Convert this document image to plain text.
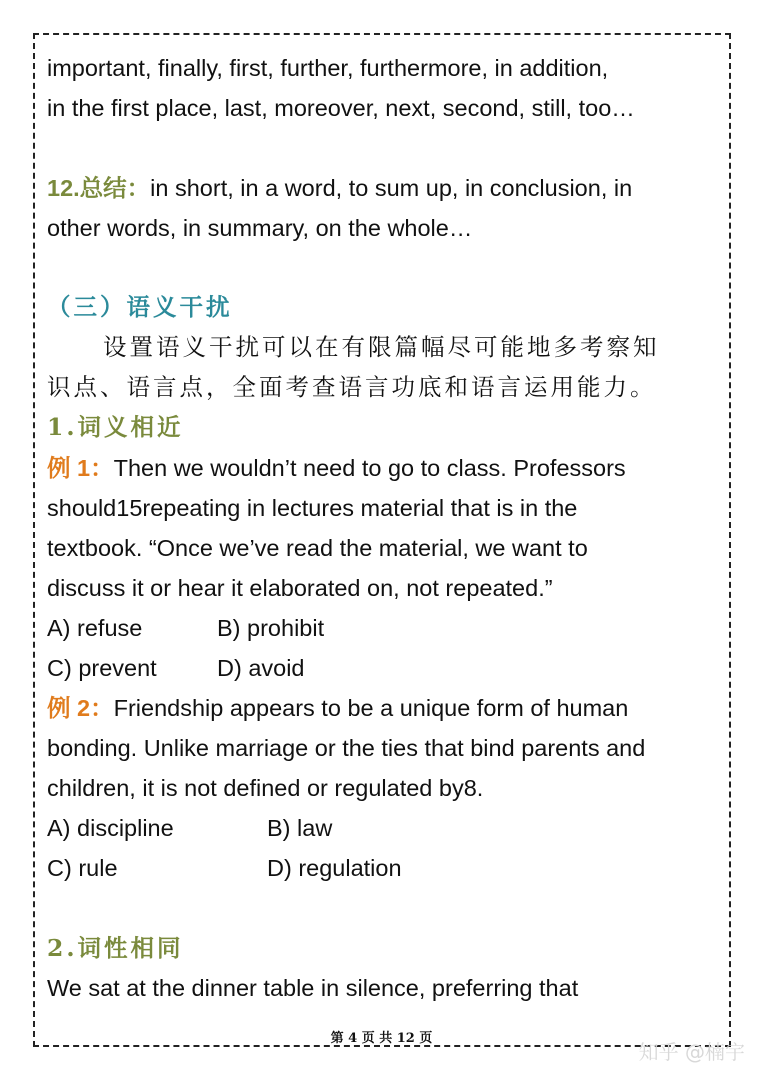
important, finally, first, further, furthermore, in addition,

in the first place, last, moreover, next, second, still, too…

12.总结：in short, in a word, to sum up, in conclusion, in

other words, in summary, on the whole…

（三）语义干扰

设置语义干扰可以在有限篇幅尽可能地多考察知

识点、语言点，全面考查语言功底和语言运用能力。

1.词义相近

例 1：Then we wouldn’t need to go to class. Professors

should15repeating in lectures material that is in the

textbook. “Once we’ve read the material, we want to

discuss it or hear it elaborated on, not repeated.”

A) refuse	B) prohibit

C) prevent	D) avoid

例 2：Friendship appears to be a unique form of human

bonding. Unlike marriage or the ties that bind parents and

children, it is not defined or regulated by8.

A) discipline	B) law

C) rule	D) regulation

2.词性相同

We sat at the dinner table in silence, preferring that

第 4 页 共 12 页
知乎 @楠宇
